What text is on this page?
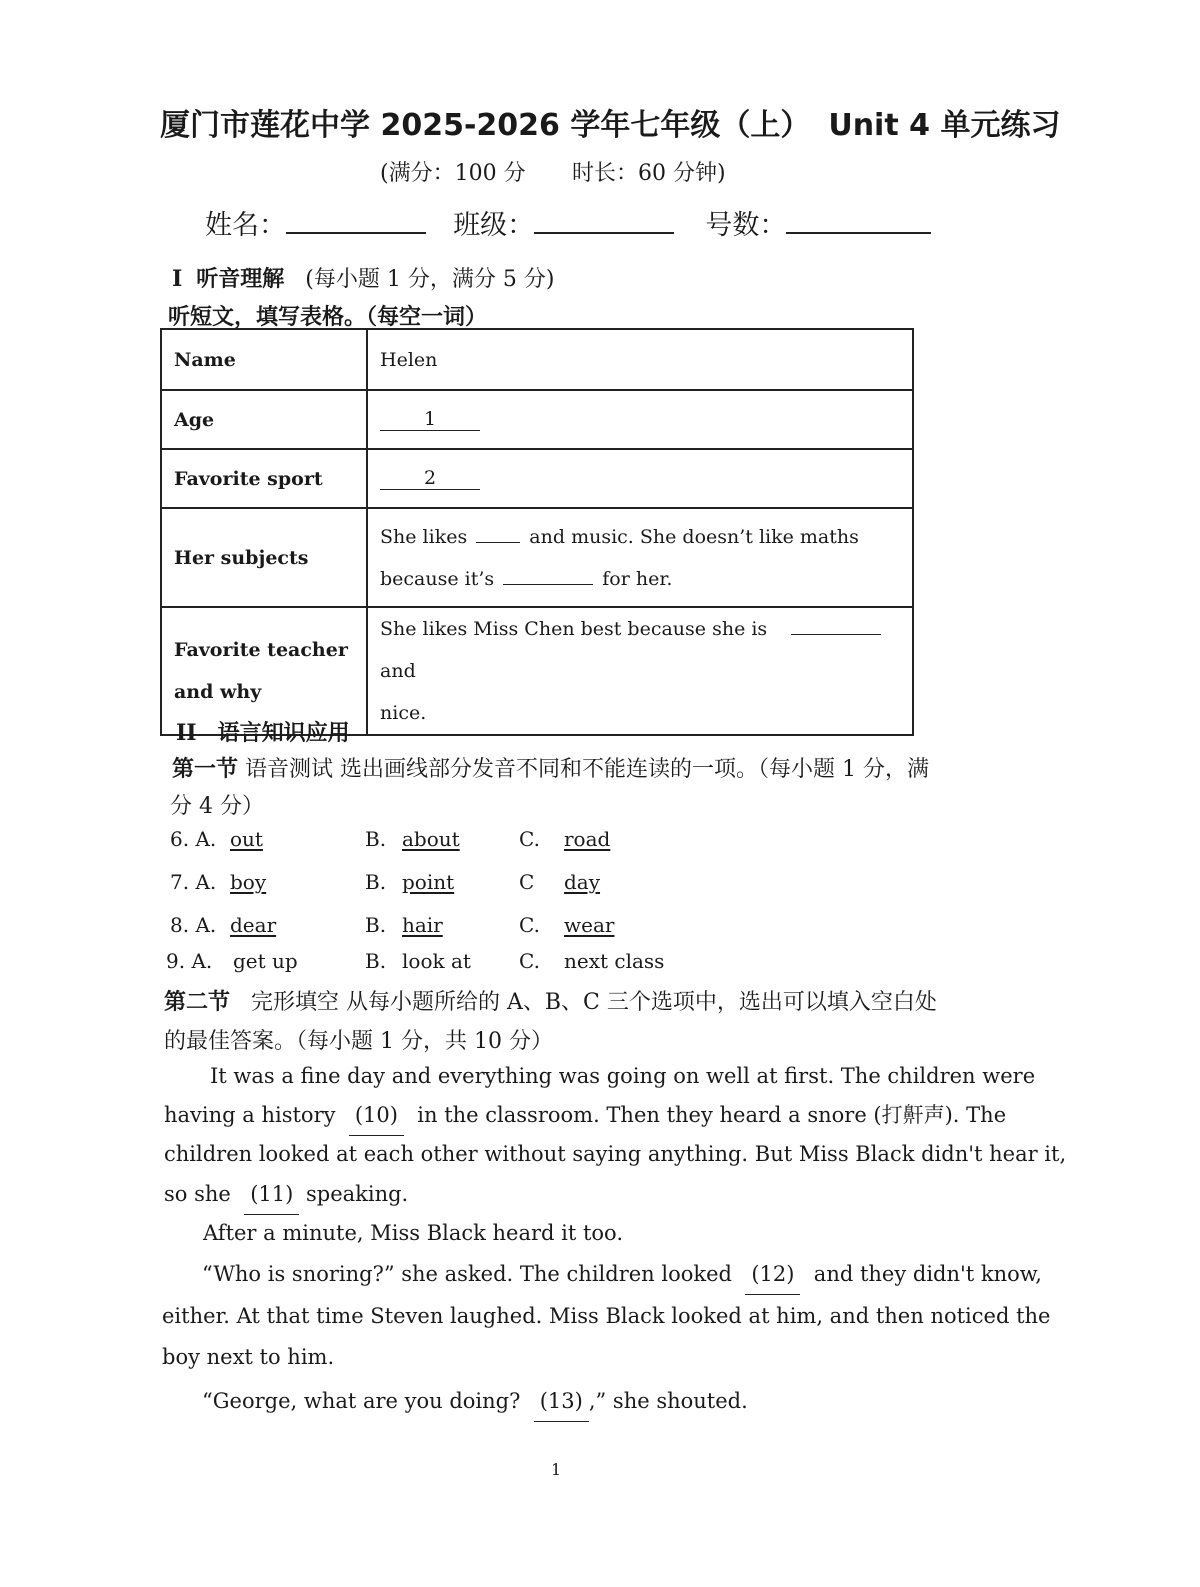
厦门市莲花中学 2025-2026 学年七年级（上） Unit 4 单元练习
(满分：100 分 时长：60 分钟)
姓名：	班级：	号数：
I 听音理解 (每小题 1 分，满分 5 分)
听短文，填写表格。（每空一词）
Name	Helen
Age	1
Favorite sport	2
Her subjects	She likes and music. She doesn’t like maths
because it’s for her.
Favorite teacher
and why	She likes Miss Chen best because she is  and
nice.
II 语言知识应用
第一节 语音测试 选出画线部分发音不同和不能连读的一项。（每小题 1 分，满
分 4 分）
6. A. out	B. about	C. road
7. A. boy	B. point	C day
8. A. dear	B. hair	C. wear
9. A. get up	B. look at C. next class
第二节 完形填空 从每小题所给的 A、B、C 三个选项中，选出可以填入空白处
的最佳答案。（每小题 1 分，共 10 分）
It was a fine day and everything was going on well at first. The children were
having a history (10) in the classroom. Then they heard a snore (打鼾声). The
children looked at each other without saying anything. But Miss Black didn't hear it,
so she (11) speaking.
After a minute, Miss Black heard it too.
“Who is snoring?” she asked. The children looked (12) and they didn't know,
either. At that time Steven laughed. Miss Black looked at him, and then noticed the
boy next to him.
“George, what are you doing? (13) ,” she shouted.
1
